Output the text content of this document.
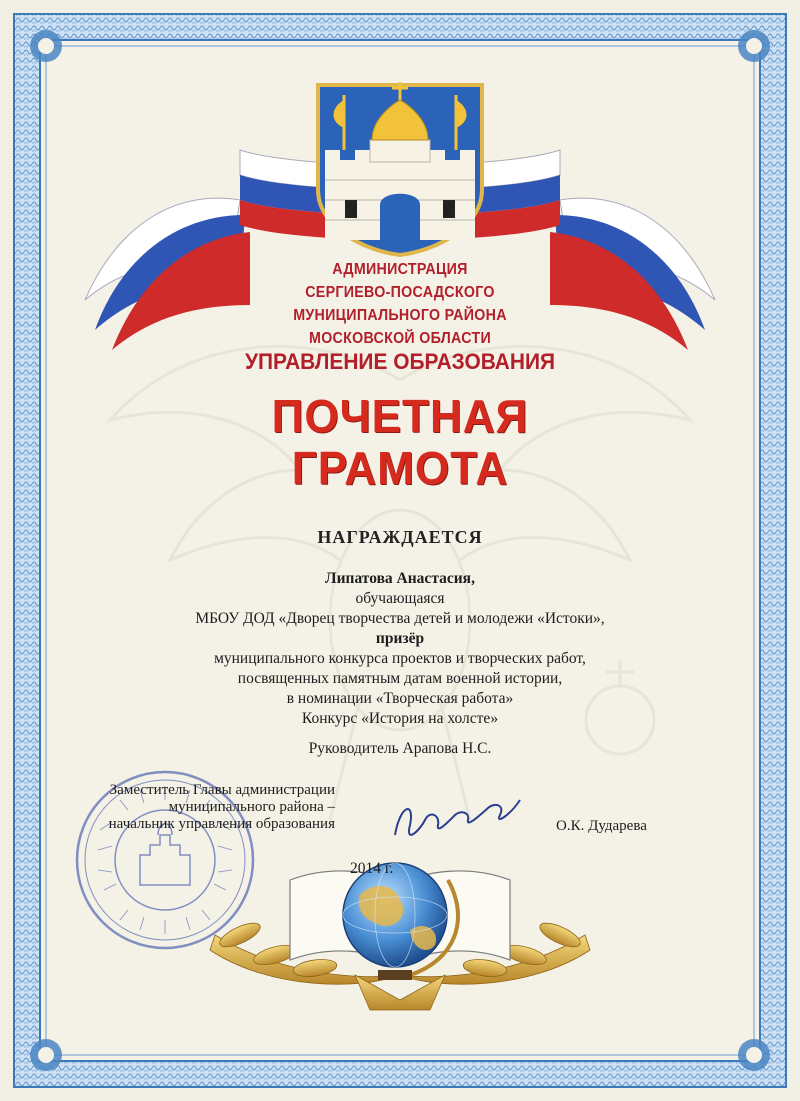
АДМИНИСТРАЦИЯ
СЕРГИЕВО-ПОСАДСКОГО
МУНИЦИПАЛЬНОГО РАЙОНА
МОСКОВСКОЙ ОБЛАСТИ
УПРАВЛЕНИЕ ОБРАЗОВАНИЯ
ПОЧЕТНАЯ
ГРАМОТА
НАГРАЖДАЕТСЯ
Липатова Анастасия,
обучающаяся
МБОУ ДОД «Дворец творчества детей и молодежи «Истоки»,
призёр
муниципального конкурса проектов и творческих работ,
посвященных памятным датам военной истории,
в номинации «Творческая работа»
Конкурс «История на холсте»
Руководитель Арапова Н.С.
Заместитель Главы администрации
муниципального района –
начальник управления образования	О.К. Дударева
2014 г.
